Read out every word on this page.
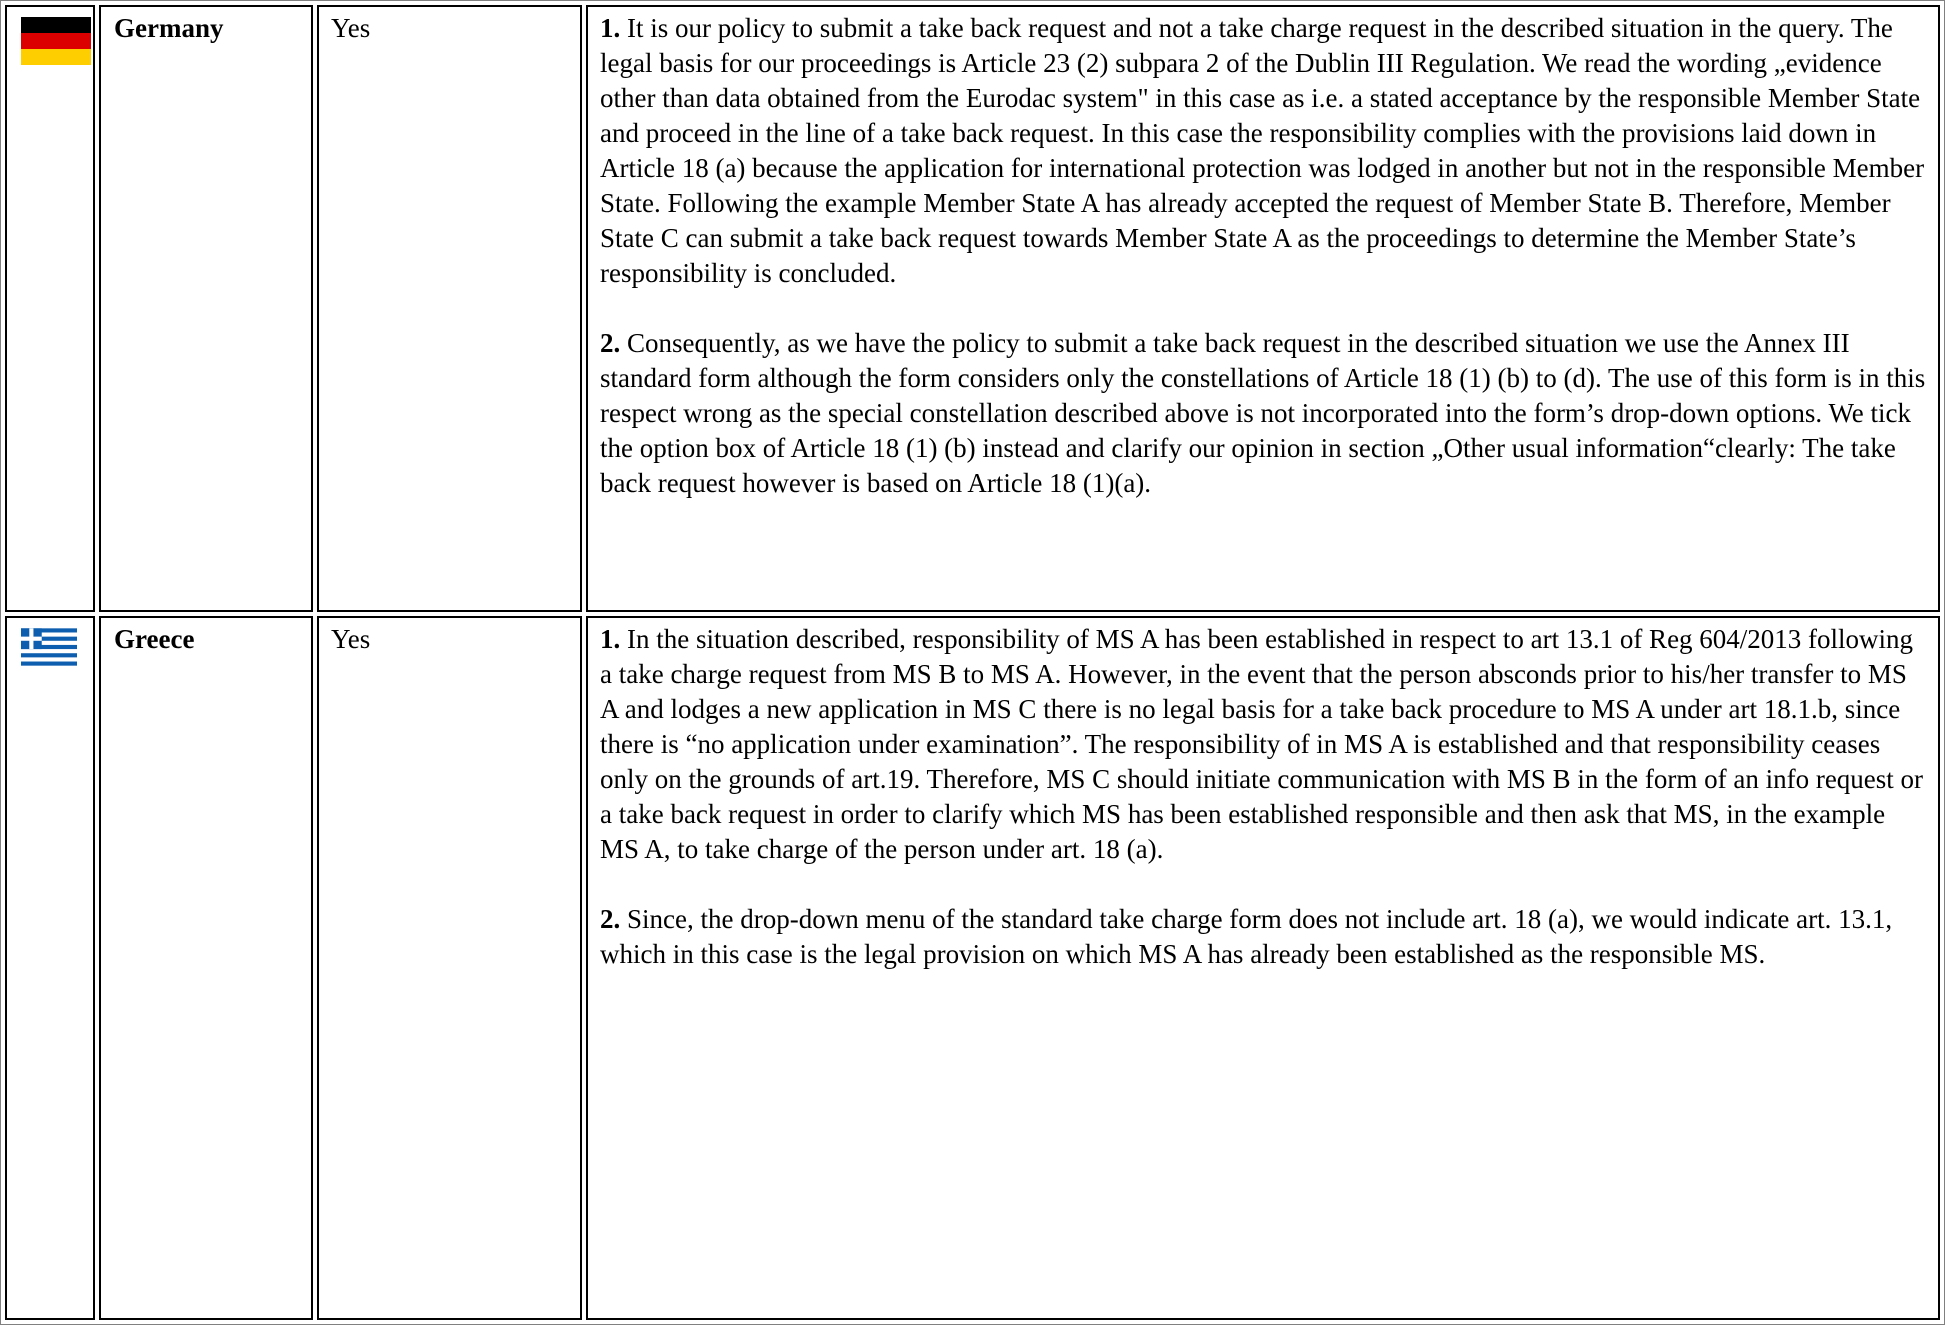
Germany	Yes	1. It is our policy to submit a take back request and not a take charge request in the described situation in the query. The legal basis for our proceedings is Article 23 (2) subpara 2 of the Dublin III Regulation. We read the wording „evidence other than data obtained from the Eurodac system" in this case as i.e. a stated acceptance by the responsible Member State and proceed in the line of a take back request. In this case the responsibility complies with the provisions laid down in Article 18 (a) because the application for international protection was lodged in another but not in the responsible Member State. Following the example Member State A has already accepted the request of Member State B. Therefore, Member State C can submit a take back request towards Member State A as the proceedings to determine the Member State’s responsibility is concluded.

2. Consequently, as we have the policy to submit a take back request in the described situation we use the Annex III standard form although the form considers only the constellations of Article 18 (1) (b) to (d). The use of this form is in this respect wrong as the special constellation described above is not incorporated into the form’s drop-down options. We tick the option box of Article 18 (1) (b) instead and clarify our opinion in section „Other usual information“clearly: The take back request however is based on Article 18 (1)(a).

Greece	Yes	1. In the situation described, responsibility of MS A has been established in respect to art 13.1 of Reg 604/2013 following a take charge request from MS B to MS A. However, in the event that the person absconds prior to his/her transfer to MS A and lodges a new application in MS C there is no legal basis for a take back procedure to MS A under art 18.1.b, since there is “no application under examination”. The responsibility of in MS A is established and that responsibility ceases only on the grounds of art.19. Therefore, MS C should initiate communication with MS B in the form of an info request or a take back request in order to clarify which MS has been established responsible and then ask that MS, in the example MS A, to take charge of the person under art. 18 (a).

2. Since, the drop-down menu of the standard take charge form does not include art. 18 (a), we would indicate art. 13.1, which in this case is the legal provision on which MS A has already been established as the responsible MS.
